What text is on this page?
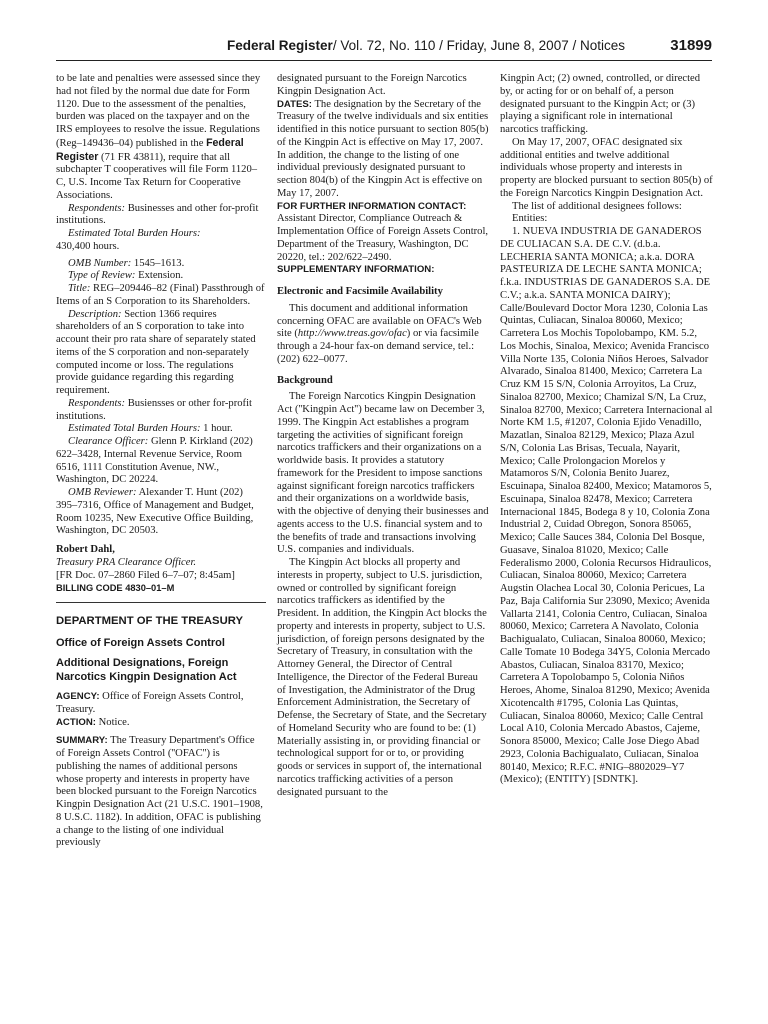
Federal Register/ Vol. 72, No. 110 / Friday, June 8, 2007 / Notices	31899

to be late and penalties were assessed since they had not filed by the normal due date for Form 1120. Due to the assessment of the penalties, burden was placed on the taxpayer and on the IRS employees to resolve the issue. Regulations (Reg–149436–04) published in the Federal Register (71 FR 43811), require that all subchapter T cooperatives will file Form 1120–C, U.S. Income Tax Return for Cooperative Associations.

Respondents: Businesses and other for-profit institutions.

Estimated Total Burden Hours:

430,400 hours.

OMB Number: 1545–1613.

Type of Review: Extension.

Title: REG–209446–82 (Final) Passthrough of Items of an S Corporation to its Shareholders.

Description: Section 1366 requires shareholders of an S corporation to take into account their pro rata share of separately stated items of the S corporation and non-separately computed income or loss. The regulations provide guidance regarding this regarding requirement.

Respondents: Busiensses or other for-profit institutions.

Estimated Total Burden Hours: 1 hour.

Clearance Officer: Glenn P. Kirkland (202) 622–3428, Internal Revenue Service, Room 6516, 1111 Constitution Avenue, NW., Washington, DC 20224.

OMB Reviewer: Alexander T. Hunt (202) 395–7316, Office of Management and Budget, Room 10235, New Executive Office Building, Washington, DC 20503.

Robert Dahl,

Treasury PRA Clearance Officer.

[FR Doc. 07–2860 Filed 6–7–07; 8:45am]

BILLING CODE 4830–01–M

DEPARTMENT OF THE TREASURY

Office of Foreign Assets Control

Additional Designations, Foreign Narcotics Kingpin Designation Act

AGENCY: Office of Foreign Assets Control, Treasury.

ACTION: Notice.

SUMMARY: The Treasury Department's Office of Foreign Assets Control (''OFAC'') is publishing the names of additional persons whose property and interests in property have been blocked pursuant to the Foreign Narcotics Kingpin Designation Act (21 U.S.C. 1901–1908, 8 U.S.C. 1182). In addition, OFAC is publishing a change to the listing of one individual previously

designated pursuant to the Foreign Narcotics Kingpin Designation Act.

DATES: The designation by the Secretary of the Treasury of the twelve individuals and six entities identified in this notice pursuant to section 805(b) of the Kingpin Act is effective on May 17, 2007. In addition, the change to the listing of one individual previously designated pursuant to section 804(b) of the Kingpin Act is effective on May 17, 2007.

FOR FURTHER INFORMATION CONTACT:

Assistant Director, Compliance Outreach & Implementation Office of Foreign Assets Control, Department of the Treasury, Washington, DC 20220, tel.: 202/622–2490.

SUPPLEMENTARY INFORMATION:

Electronic and Facsimile Availability

This document and additional information concerning OFAC are available on OFAC's Web site (http://www.treas.gov/ofac) or via facsimile through a 24-hour fax-on demand service, tel.: (202) 622–0077.

Background

The Foreign Narcotics Kingpin Designation Act (''Kingpin Act'') became law on December 3, 1999. The Kingpin Act establishes a program targeting the activities of significant foreign narcotics traffickers and their organizations on a worldwide basis. It provides a statutory framework for the President to impose sanctions against significant foreign narcotics traffickers and their organizations on a worldwide basis, with the objective of denying their businesses and agents access to the U.S. financial system and to the benefits of trade and transactions involving U.S. companies and individuals.

The Kingpin Act blocks all property and interests in property, subject to U.S. jurisdiction, owned or controlled by significant foreign narcotics traffickers as identified by the President. In addition, the Kingpin Act blocks the property and interests in property, subject to U.S. jurisdiction, of foreign persons designated by the Secretary of Treasury, in consultation with the Attorney General, the Director of Central Intelligence, the Director of the Federal Bureau of Investigation, the Administrator of the Drug Enforcement Administration, the Secretary of Defense, the Secretary of State, and the Secretary of Homeland Security who are found to be: (1) Materially assisting in, or providing financial or technological support for or to, or providing goods or services in support of, the international narcotics trafficking activities of a person designated pursuant to the

Kingpin Act; (2) owned, controlled, or directed by, or acting for or on behalf of, a person designated pursuant to the Kingpin Act; or (3) playing a significant role in international narcotics trafficking.

On May 17, 2007, OFAC designated six additional entities and twelve additional individuals whose property and interests in property are blocked pursuant to section 805(b) of the Foreign Narcotics Kingpin Designation Act.

The list of additional designees follows:

Entities:

1. NUEVA INDUSTRIA DE GANADEROS DE CULIACAN S.A. DE C.V. (d.b.a. LECHERIA SANTA MONICA; a.k.a. DORA PASTEURIZA DE LECHE SANTA MONICA; f.k.a. INDUSTRIAS DE GANADEROS S.A. DE C.V.; a.k.a. SANTA MONICA DAIRY); Calle/Boulevard Doctor Mora 1230, Colonia Las Quintas, Culiacan, Sinaloa 80060, Mexico; Carretera Los Mochis Topolobampo, KM. 5.2, Los Mochis, Sinaloa, Mexico; Avenida Francisco Villa Norte 135, Colonia Niños Heroes, Salvador Alvarado, Sinaloa 81400, Mexico; Carretera La Cruz KM 15 S/N, Colonia Arroyitos, La Cruz, Sinaloa 82700, Mexico; Chamizal S/N, La Cruz, Sinaloa 82700, Mexico; Carretera Internacional al Norte KM 1.5, #1207, Colonia Ejido Venadillo, Mazatlan, Sinaloa 82129, Mexico; Plaza Azul S/N, Colonia Las Brisas, Tecuala, Nayarit, Mexico; Calle Prolongacion Morelos y Matamoros S/N, Colonia Benito Juarez, Escuinapa, Sinaloa 82400, Mexico; Matamoros 5, Escuinapa, Sinaloa 82478, Mexico; Carretera Internacional 1845, Bodega 8 y 10, Colonia Zona Industrial 2, Cuidad Obregon, Sonora 85065, Mexico; Calle Sauces 384, Colonia Del Bosque, Guasave, Sinaloa 81020, Mexico; Calle Federalismo 2000, Colonia Recursos Hidraulicos, Culiacan, Sinaloa 80060, Mexico; Carretera Augstin Olachea Local 30, Colonia Pericues, La Paz, Baja California Sur 23090, Mexico; Avenida Vallarta 2141, Colonia Centro, Culiacan, Sinaloa 80060, Mexico; Carretera A Navolato, Colonia Bachigualato, Culiacan, Sinaloa 80060, Mexico; Calle Tomate 10 Bodega 34Y5, Colonia Mercado Abastos, Culiacan, Sinaloa 83170, Mexico; Carretera A Topolobampo 5, Colonia Niños Heroes, Ahome, Sinaloa 81290, Mexico; Avenida Xicotencalth #1795, Colonia Las Quintas, Culiacan, Sinaloa 80060, Mexico; Calle Central Local A10, Colonia Mercado Abastos, Cajeme, Sonora 85000, Mexico; Calle Jose Diego Abad 2923, Colonia Bachigualato, Culiacan, Sinaloa 80140, Mexico; R.F.C. #NIG–8802029–Y7 (Mexico); (ENTITY) [SDNTK].
